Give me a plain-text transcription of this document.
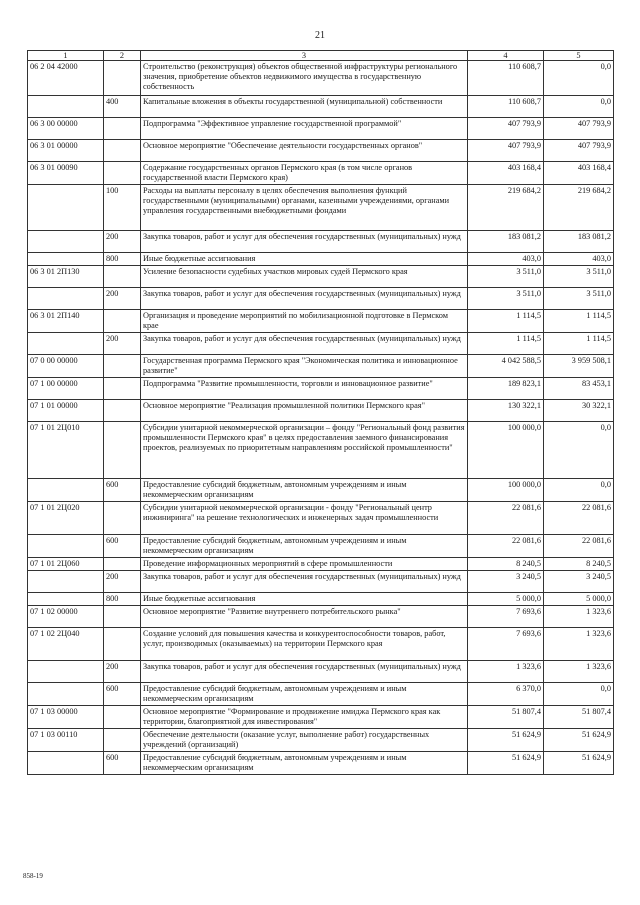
21
1	2	3	4	5
06 2 04 42000		Строительство (реконструкция) объектов общественной инфраструктуры регионального значения, приобретение объектов недвижимого имущества в государственную собственность	110 608,7	0,0
	400	Капитальные вложения в объекты государственной (муниципальной) собственности	110 608,7	0,0
06 3 00 00000		Подпрограмма "Эффективное управление государственной программой"	407 793,9	407 793,9
06 3 01 00000		Основное мероприятие "Обеспечение деятельности государственных органов"	407 793,9	407 793,9
06 3 01 00090		Содержание государственных органов Пермского края (в том числе органов государственной власти Пермского края)	403 168,4	403 168,4
	100	Расходы на выплаты персоналу в целях обеспечения выполнения функций государственными (муниципальными) органами, казенными учреждениями, органами управления государственными внебюджетными фондами	219 684,2	219 684,2
	200	Закупка товаров, работ и услуг для обеспечения государственных (муниципальных) нужд	183 081,2	183 081,2
	800	Иные бюджетные ассигнования	403,0	403,0
06 3 01 2П130		Усиление безопасности судебных участков мировых судей Пермского края	3 511,0	3 511,0
	200	Закупка товаров, работ и услуг для обеспечения государственных (муниципальных) нужд	3 511,0	3 511,0
06 3 01 2П140		Организация и проведение мероприятий по мобилизационной подготовке в Пермском крае	1 114,5	1 114,5
	200	Закупка товаров, работ и услуг для обеспечения государственных (муниципальных) нужд	1 114,5	1 114,5
07 0 00 00000		Государственная программа Пермского края "Экономическая политика и инновационное развитие"	4 042 588,5	3 959 508,1
07 1 00 00000		Подпрограмма "Развитие промышленности, торговли и инновационное развитие"	189 823,1	83 453,1
07 1 01 00000		Основное мероприятие "Реализация промышленной политики Пермского края"	130 322,1	30 322,1
07 1 01 2Ц010		Субсидии унитарной некоммерческой организации – фонду "Региональный фонд развития промышленности Пермского края" в целях предоставления заемного финансирования проектов, реализуемых по приоритетным направлениям российской промышленности"	100 000,0	0,0
	600	Предоставление субсидий бюджетным, автономным учреждениям и иным некоммерческим организациям	100 000,0	0,0
07 1 01 2Ц020		Субсидии унитарной некоммерческой организации - фонду "Региональный центр инжиниринга" на решение технологических и инженерных задач промышленности	22 081,6	22 081,6
	600	Предоставление субсидий бюджетным, автономным учреждениям и иным некоммерческим организациям	22 081,6	22 081,6
07 1 01 2Ц060		Проведение информационных мероприятий в сфере промышленности	8 240,5	8 240,5
	200	Закупка товаров, работ и услуг для обеспечения государственных (муниципальных) нужд	3 240,5	3 240,5
	800	Иные бюджетные ассигнования	5 000,0	5 000,0
07 1 02 00000		Основное мероприятие "Развитие внутреннего потребительского рынка"	7 693,6	1 323,6
07 1 02 2Ц040		Создание условий для повышения качества и конкурентоспособности товаров, работ, услуг, производимых (оказываемых) на территории Пермского края	7 693,6	1 323,6
	200	Закупка товаров, работ и услуг для обеспечения государственных (муниципальных) нужд	1 323,6	1 323,6
	600	Предоставление субсидий бюджетным, автономным учреждениям и иным некоммерческим организациям	6 370,0	0,0
07 1 03 00000		Основное мероприятие "Формирование и продвижение имиджа Пермского края как территории, благоприятной для инвестирования"	51 807,4	51 807,4
07 1 03 00110		Обеспечение деятельности (оказание услуг, выполнение работ) государственных учреждений (организаций)	51 624,9	51 624,9
	600	Предоставление субсидий бюджетным, автономным учреждениям и иным некоммерческим организациям	51 624,9	51 624,9
858-19
